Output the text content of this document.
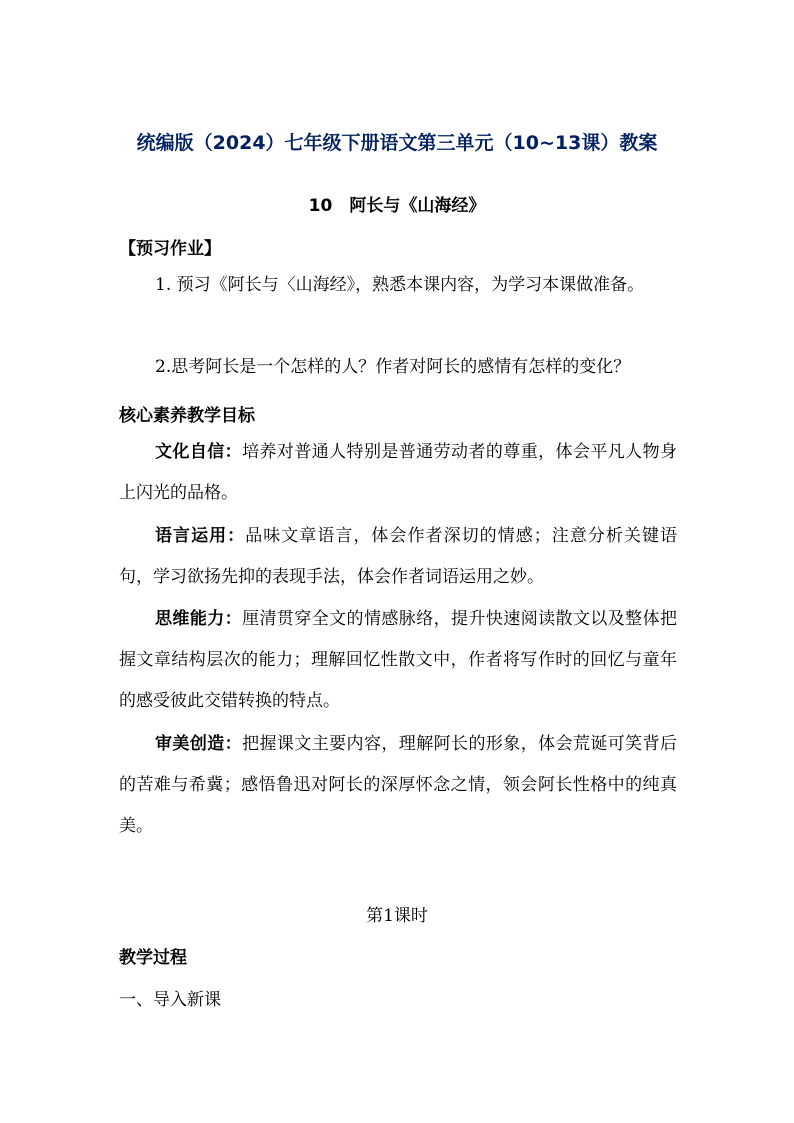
统编版（2024）七年级下册语文第三单元（10~13课）教案
10　阿长与《山海经》
【预习作业】

1. 预习《阿长与〈山海经》，熟悉本课内容，为学习本课做准备。

2.思考阿长是一个怎样的人？作者对阿长的感情有怎样的变化？

核心素养教学目标

文化自信：培养对普通人特别是普通劳动者的尊重，体会平凡人物身上闪光的品格。

语言运用：品味文章语言，体会作者深切的情感；注意分析关键语句，学习欲扬先抑的表现手法，体会作者词语运用之妙。

思维能力：厘清贯穿全文的情感脉络，提升快速阅读散文以及整体把握文章结构层次的能力；理解回忆性散文中，作者将写作时的回忆与童年的感受彼此交错转换的特点。

审美创造：把握课文主要内容，理解阿长的形象，体会荒诞可笑背后的苦难与希冀；感悟鲁迅对阿长的深厚怀念之情，领会阿长性格中的纯真美。

第1课时
教学过程
一、导入新课
